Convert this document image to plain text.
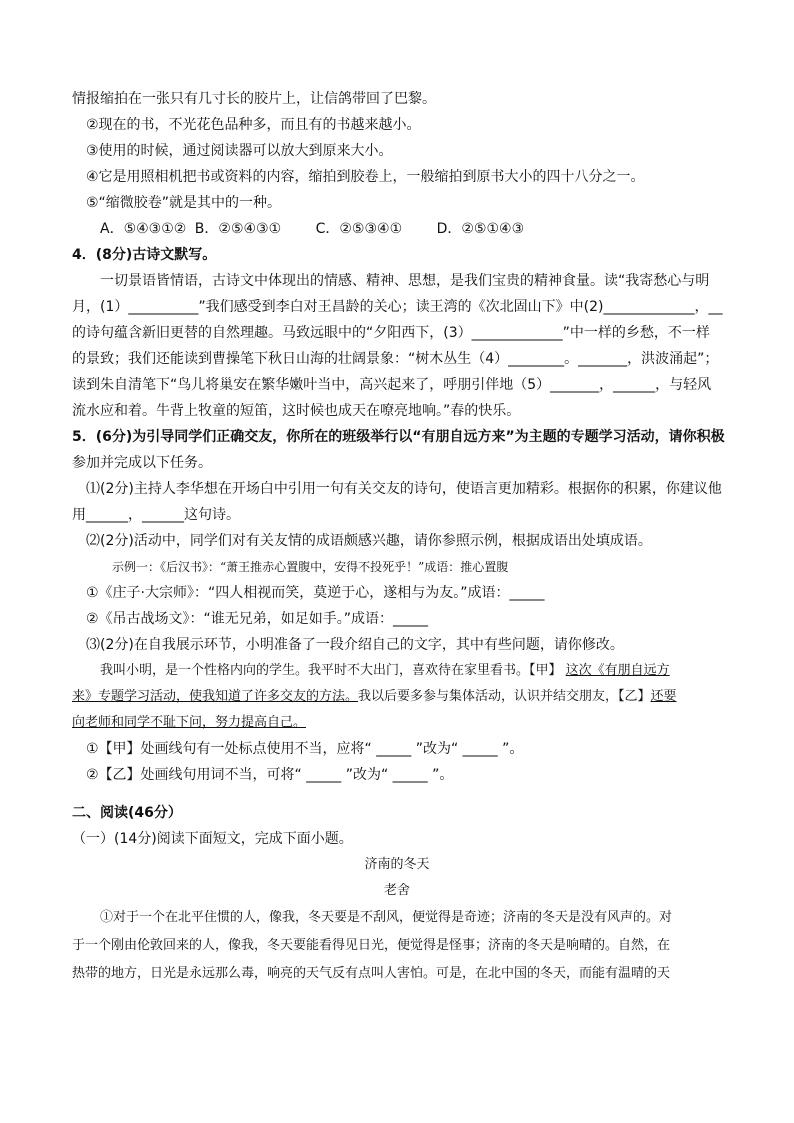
情报缩拍在一张只有几寸长的胶片上，让信鸽带回了巴黎。

②现在的书，不光花色品种多，而且有的书越来越小。

③使用的时候，通过阅读器可以放大到原来大小。

④它是用照相机把书或资料的内容，缩拍到胶卷上，一般缩拍到原书大小的四十八分之一。

⑤“缩微胶卷”就是其中的一种。

A．⑤④③①② B．②⑤④③① C．②⑤③④① D．②⑤①④③

4．(8分)古诗文默写。

一切景语皆情语，古诗文中体现出的情感、精神、思想，是我们宝贵的精神食量。读“我寄愁心与明

月，(1）__________”我们感受到李白对王昌龄的关心；读王湾的《次北固山下》中(2)_____________，__

的诗句蕴含新旧更替的自然理趣。马致远眼中的“夕阳西下，(3）_____________”中一样的乡愁，不一样

的景致；我们还能读到曹操笔下秋日山海的壮阔景象：“树木丛生（4）________。_______，洪波涌起”；

读到朱自清笔下“鸟儿将巢安在繁华嫩叶当中，高兴起来了，呼朋引伴地（5）_______，______，与轻风

流水应和着。牛背上牧童的短笛，这时候也成天在嘹亮地响。”春的快乐。

5．(6分)为引导同学们正确交友，你所在的班级举行以“有朋自远方来”为主题的专题学习活动，请你积极

参加并完成以下任务。

⑴(2分)主持人李华想在开场白中引用一句有关交友的诗句，使语言更加精彩。根据你的积累，你建议他

用______，______这句诗。

⑵(2分)活动中，同学们对有关友情的成语颇感兴趣，请你参照示例，根据成语出处填成语。

示例一：《后汉书》：“萧王推赤心置腹中，安得不投死乎！”成语：推心置腹

①《庄子·大宗师》：“四人相视而笑，莫逆于心，遂相与为友。”成语：_____

②《吊古战场文》：“谁无兄弟，如足如手。”成语：_____

⑶(2分)在自我展示环节，小明准备了一段介绍自己的文字，其中有些问题，请你修改。

我叫小明，是一个性格内向的学生。我平时不大出门，喜欢待在家里看书。【甲】 这次《有朋自远方

来》专题学习活动，使我知道了许多交友的方法。我以后要多参与集体活动，认识并结交朋友，【乙】还要

向老师和同学不耻下问，努力提高自己。

①【甲】处画线句有一处标点使用不当，应将“ _____ ”改为“ _____ ”。

②【乙】处画线句用词不当，可将“ _____ ”改为“ _____ ”。

二、阅读(46分）

（一）(14分)阅读下面短文，完成下面小题。

济南的冬天

老舍

①对于一个在北平住惯的人，像我，冬天要是不刮风，便觉得是奇迹；济南的冬天是没有风声的。对

于一个刚由伦敦回来的人，像我，冬天要能看得见日光，便觉得是怪事；济南的冬天是响晴的。自然，在

热带的地方，日光是永远那么毒，响亮的天气反有点叫人害怕。可是，在北中国的冬天，而能有温晴的天
